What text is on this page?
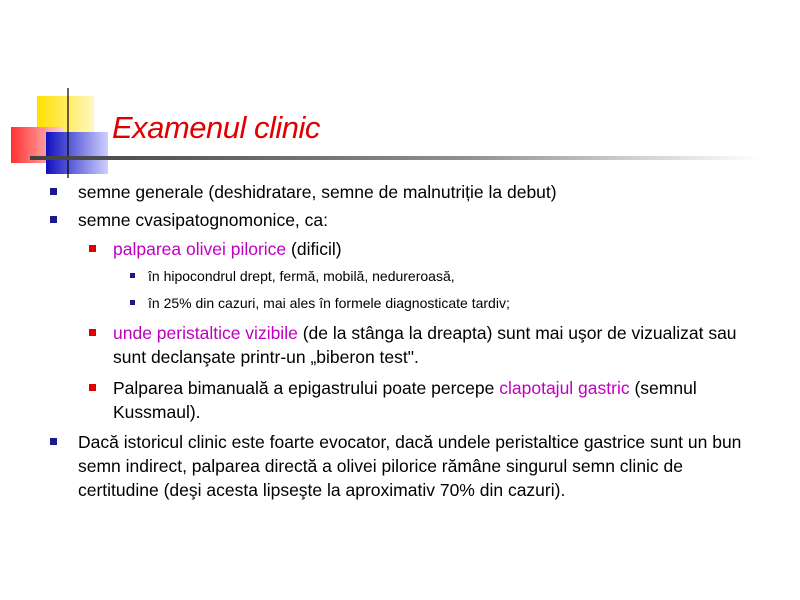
Examenul clinic
semne generale (deshidratare, semne de malnutriție la debut)
semne cvasipatognomonice, ca:
palparea olivei pilorice (dificil)
în hipocondrul drept, fermă, mobilă, nedureroasă,
în 25% din cazuri, mai ales în formele diagnosticate tardiv;
unde peristaltice vizibile (de la stânga la dreapta) sunt mai uşor de vizualizat sau
sunt declanşate printr-un „biberon test".
Palparea bimanuală a epigastrului poate percepe clapotajul gastric (semnul
Kussmaul).
Dacă istoricul clinic este foarte evocator, dacă undele peristaltice gastrice sunt un bun
semn indirect, palparea directă a olivei pilorice rămâne singurul semn clinic de
certitudine (deşi acesta lipseşte la aproximativ 70% din cazuri).
